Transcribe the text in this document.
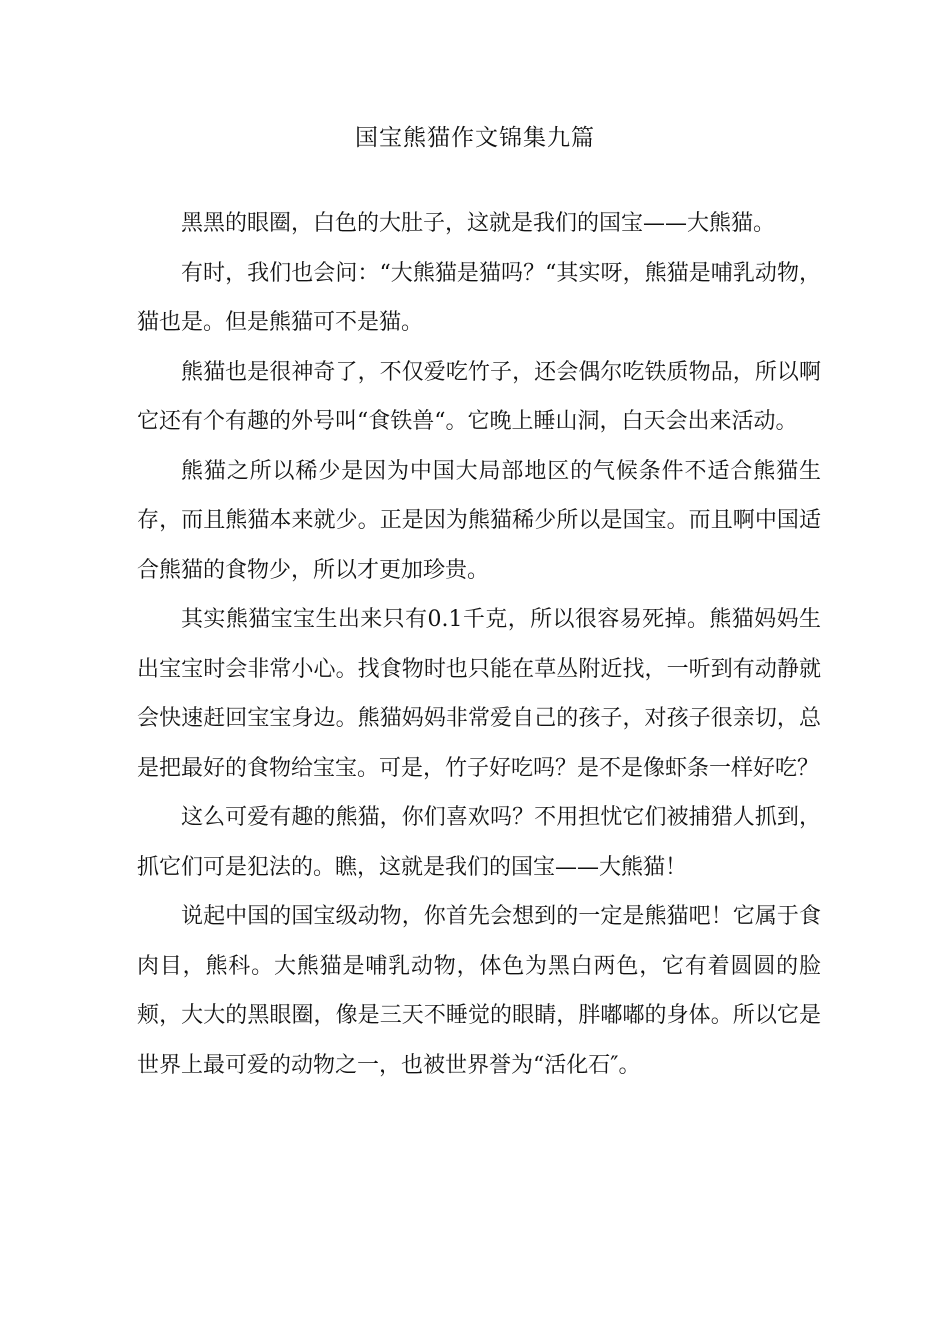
国宝熊猫作文锦集九篇

黑黑的眼圈，白色的大肚子，这就是我们的国宝——大熊猫。

有时，我们也会问：“大熊猫是猫吗？“其实呀，熊猫是哺乳动物，猫也是。但是熊猫可不是猫。

熊猫也是很神奇了，不仅爱吃竹子，还会偶尔吃铁质物品，所以啊它还有个有趣的外号叫“食铁兽“。它晚上睡山洞，白天会出来活动。

熊猫之所以稀少是因为中国大局部地区的气候条件不适合熊猫生存，而且熊猫本来就少。正是因为熊猫稀少所以是国宝。而且啊中国适合熊猫的食物少，所以才更加珍贵。

其实熊猫宝宝生出来只有0.1千克，所以很容易死掉。熊猫妈妈生出宝宝时会非常小心。找食物时也只能在草丛附近找，一听到有动静就会快速赶回宝宝身边。熊猫妈妈非常爱自己的孩子，对孩子很亲切，总是把最好的食物给宝宝。可是，竹子好吃吗？是不是像虾条一样好吃？

这么可爱有趣的熊猫，你们喜欢吗？不用担忧它们被捕猎人抓到，抓它们可是犯法的。瞧，这就是我们的国宝——大熊猫！

说起中国的国宝级动物，你首先会想到的一定是熊猫吧！它属于食肉目，熊科。大熊猫是哺乳动物，体色为黑白两色，它有着圆圆的脸颊，大大的黑眼圈，像是三天不睡觉的眼睛，胖嘟嘟的身体。所以它是世界上最可爱的动物之一，也被世界誉为“活化石″。
